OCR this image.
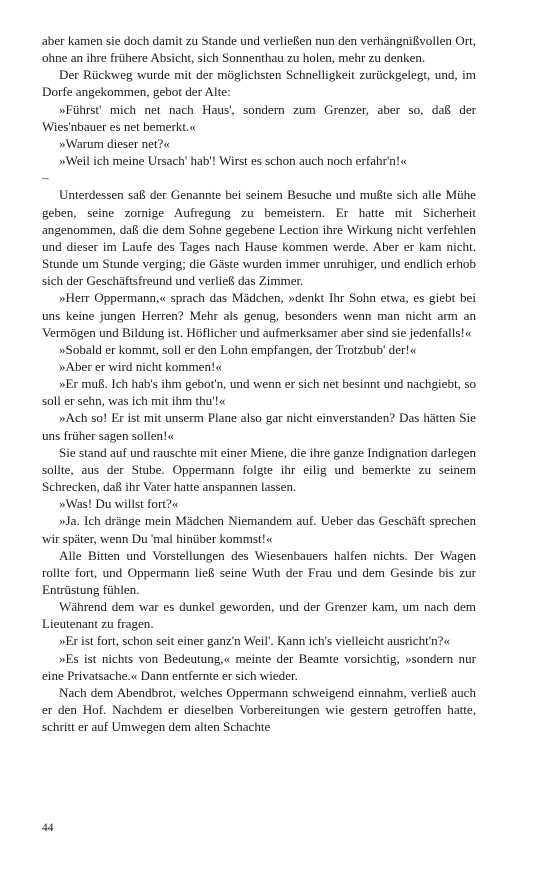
aber kamen sie doch damit zu Stande und verließen nun den verhängnißvollen Ort, ohne an ihre frühere Absicht, sich Sonnenthau zu holen, mehr zu denken.

Der Rückweg wurde mit der möglichsten Schnelligkeit zurückgelegt, und, im Dorfe angekommen, gebot der Alte:

»Führst' mich net nach Haus', sondern zum Grenzer, aber so, daß der Wies'nbauer es net bemerkt.«

»Warum dieser net?«

»Weil ich meine Ursach' hab'! Wirst es schon auch noch erfahr'n!«

–

Unterdessen saß der Genannte bei seinem Besuche und mußte sich alle Mühe geben, seine zornige Aufregung zu bemeistern. Er hatte mit Sicherheit angenommen, daß die dem Sohne gegebene Lection ihre Wirkung nicht verfehlen und dieser im Laufe des Tages nach Hause kommen werde. Aber er kam nicht. Stunde um Stunde verging; die Gäste wurden immer unruhiger, und endlich erhob sich der Geschäftsfreund und verließ das Zimmer.

»Herr Oppermann,« sprach das Mädchen, »denkt Ihr Sohn etwa, es giebt bei uns keine jungen Herren? Mehr als genug, besonders wenn man nicht arm an Vermögen und Bildung ist. Höflicher und aufmerksamer aber sind sie jedenfalls!«

»Sobald er kommt, soll er den Lohn empfangen, der Trotzbub' der!«

»Aber er wird nicht kommen!«

»Er muß. Ich hab's ihm gebot'n, und wenn er sich net besinnt und nachgiebt, so soll er sehn, was ich mit ihm thu'!«

»Ach so! Er ist mit unserm Plane also gar nicht einverstanden? Das hätten Sie uns früher sagen sollen!«

Sie stand auf und rauschte mit einer Miene, die ihre ganze Indignation darlegen sollte, aus der Stube. Oppermann folgte ihr eilig und bemerkte zu seinem Schrecken, daß ihr Vater hatte anspannen lassen.

»Was! Du willst fort?«

»Ja. Ich dränge mein Mädchen Niemandem auf. Ueber das Geschäft sprechen wir später, wenn Du 'mal hinüber kommst!«

Alle Bitten und Vorstellungen des Wiesenbauers halfen nichts. Der Wagen rollte fort, und Oppermann ließ seine Wuth der Frau und dem Gesinde bis zur Entrüstung fühlen.

Während dem war es dunkel geworden, und der Grenzer kam, um nach dem Lieutenant zu fragen.

»Er ist fort, schon seit einer ganz'n Weil'. Kann ich's vielleicht ausricht'n?«

»Es ist nichts von Bedeutung,« meinte der Beamte vorsichtig, »sondern nur eine Privatsache.« Dann entfernte er sich wieder.

Nach dem Abendbrot, welches Oppermann schweigend einnahm, verließ auch er den Hof. Nachdem er dieselben Vorbereitungen wie gestern getroffen hatte, schritt er auf Umwegen dem alten Schachte

44
